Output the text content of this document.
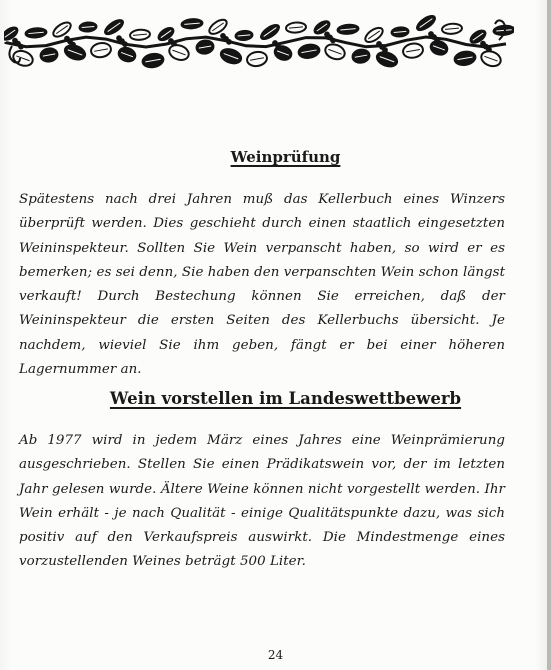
Weinprüfung

Spätestens nach drei Jahren muß das Kellerbuch eines Winzers überprüft werden. Dies geschieht durch einen staatlich eingesetzten Weininspekteur. Sollten Sie Wein verpanscht haben, so wird er es bemerken; es sei denn, Sie haben den verpanschten Wein schon längst verkauft! Durch Bestechung können Sie erreichen, daß der Weininspekteur die ersten Seiten des Kellerbuchs übersicht. Je nachdem, wieviel Sie ihm geben, fängt er bei einer höheren Lagernummer an.

Wein vorstellen im Landeswettbewerb

Ab 1977 wird in jedem März eines Jahres eine Weinprämierung ausgeschrieben. Stellen Sie einen Prädikatswein vor, der im letzten Jahr gelesen wurde. Ältere Weine können nicht vorgestellt werden. Ihr Wein erhält - je nach Qualität - einige Qualitätspunkte dazu, was sich positiv auf den Verkaufspreis auswirkt. Die Mindestmenge eines vorzustellenden Weines beträgt 500 Liter.

24
